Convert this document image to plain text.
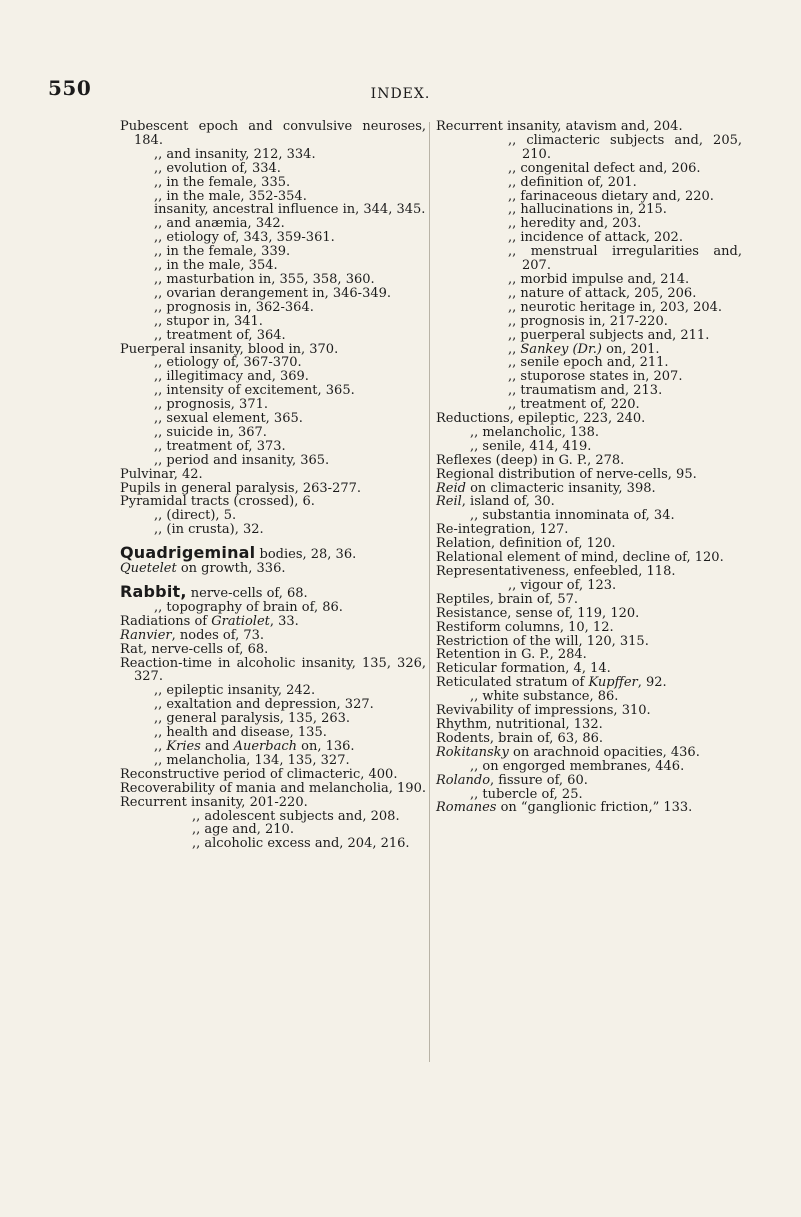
550	INDEX.
Pubescent epoch and convulsive neuroses, 184.
,, and insanity, 212, 334.
,, evolution of, 334.
,, in the female, 335.
,, in the male, 352-354.
insanity, ancestral influence in, 344, 345.
,, and anæmia, 342.
,, etiology of, 343, 359-361.
,, in the female, 339.
,, in the male, 354.
,, masturbation in, 355, 358, 360.
,, ovarian derangement in, 346-349.
,, prognosis in, 362-364.
,, stupor in, 341.
,, treatment of, 364.
Puerperal insanity, blood in, 370.
,, etiology of, 367-370.
,, illegitimacy and, 369.
,, intensity of excitement, 365.
,, prognosis, 371.
,, sexual element, 365.
,, suicide in, 367.
,, treatment of, 373.
,, period and insanity, 365.
Pulvinar, 42.
Pupils in general paralysis, 263-277.
Pyramidal tracts (crossed), 6.
,, (direct), 5.
,, (in crusta), 32.
Quadrigeminal bodies, 28, 36.
Quetelet on growth, 336.
Rabbit, nerve-cells of, 68.
,, topography of brain of, 86.
Radiations of Gratiolet, 33.
Ranvier, nodes of, 73.
Rat, nerve-cells of, 68.
Reaction-time in alcoholic insanity, 135, 326, 327.
,, epileptic insanity, 242.
,, exaltation and depression, 327.
,, general paralysis, 135, 263.
,, health and disease, 135.
,, Kries and Auerbach on, 136.
,, melancholia, 134, 135, 327.
Reconstructive period of climacteric, 400.
Recoverability of mania and melancholia, 190.
Recurrent insanity, 201-220.
,, adolescent subjects and, 208.
,, age and, 210.
,, alcoholic excess and, 204, 216.
Recurrent insanity, atavism and, 204.
,, climacteric subjects and, 205, 210.
,, congenital defect and, 206.
,, definition of, 201.
,, farinaceous dietary and, 220.
,, hallucinations in, 215.
,, heredity and, 203.
,, incidence of attack, 202.
,, menstrual irregularities and, 207.
,, morbid impulse and, 214.
,, nature of attack, 205, 206.
,, neurotic heritage in, 203, 204.
,, prognosis in, 217-220.
,, puerperal subjects and, 211.
,, Sankey (Dr.) on, 201.
,, senile epoch and, 211.
,, stuporose states in, 207.
,, traumatism and, 213.
,, treatment of, 220.
Reductions, epileptic, 223, 240.
,, melancholic, 138.
,, senile, 414, 419.
Reflexes (deep) in G. P., 278.
Regional distribution of nerve-cells, 95.
Reid on climacteric insanity, 398.
Reil, island of, 30.
,, substantia innominata of, 34.
Re-integration, 127.
Relation, definition of, 120.
Relational element of mind, decline of, 120.
Representativeness, enfeebled, 118.
,, vigour of, 123.
Reptiles, brain of, 57.
Resistance, sense of, 119, 120.
Restiform columns, 10, 12.
Restriction of the will, 120, 315.
Retention in G. P., 284.
Reticular formation, 4, 14.
Reticulated stratum of Kupffer, 92.
,, white substance, 86.
Revivability of impressions, 310.
Rhythm, nutritional, 132.
Rodents, brain of, 63, 86.
Rokitansky on arachnoid opacities, 436.
,, on engorged membranes, 446.
Rolando, fissure of, 60.
,, tubercle of, 25.
Romanes on “ganglionic friction,” 133.
